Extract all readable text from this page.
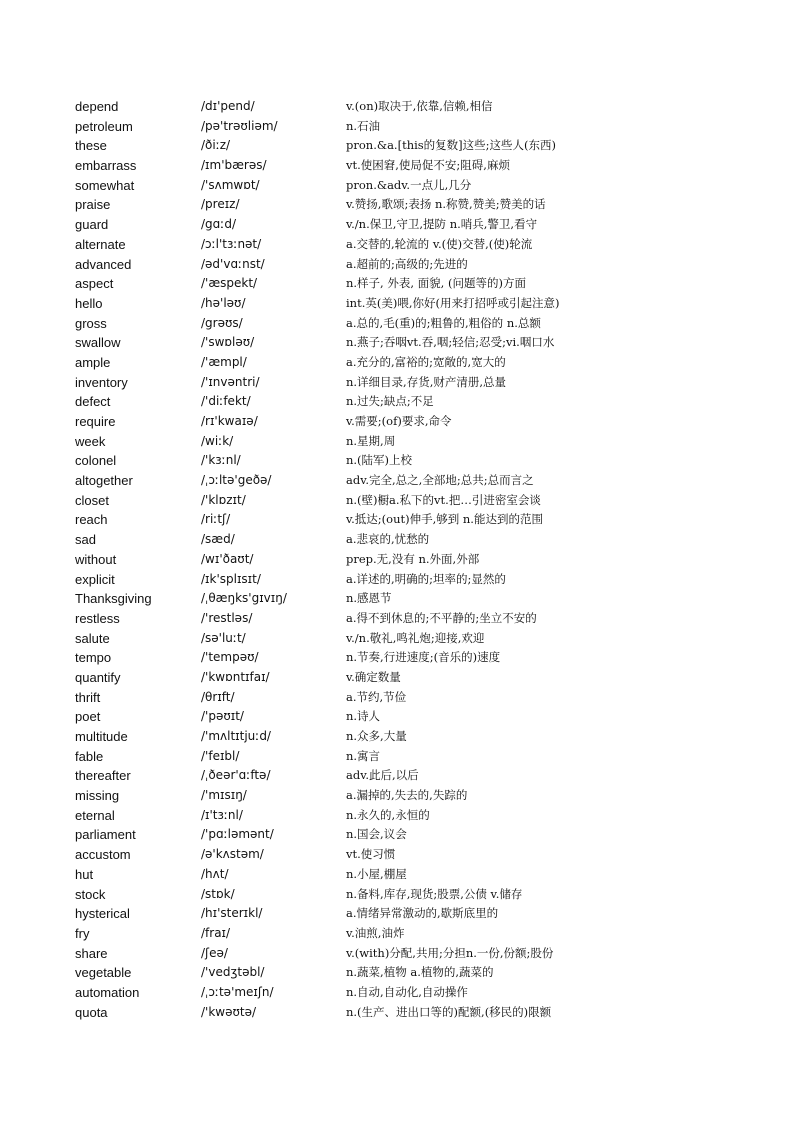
depend	/dɪ'pend/	v.(on)取决于,依靠,信赖,相信
petroleum	/pə'trəʊliəm/	n.石油
these	/ðiːz/	pron.&a.[this的复数]这些;这些人(东西)
embarrass	/ɪm'bærəs/	vt.使困窘,使局促不安;阻碍,麻烦
somewhat	/'sʌmwɒt/	pron.&adv.一点儿,几分
praise	/preɪz/	v.赞扬,歌颂;表扬 n.称赞,赞美;赞美的话
guard	/gɑːd/	v./n.保卫,守卫,提防 n.哨兵,警卫,看守
alternate	/ɔːl'tɜːnət/	a.交替的,轮流的 v.(使)交替,(使)轮流
advanced	/əd'vɑːnst/	a.超前的;高级的;先进的
aspect	/'æspekt/	n.样子, 外表, 面貌, (问题等的)方面
hello	/hə'ləʊ/	int.英(美)喂,你好(用来打招呼或引起注意)
gross	/grəʊs/	a.总的,毛(重)的;粗鲁的,粗俗的 n.总额
swallow	/'swɒləʊ/	n.燕子;吞咽vt.吞,咽;轻信;忍受;vi.咽口水
ample	/'æmpl/	a.充分的,富裕的;宽敞的,宽大的
inventory	/'ɪnvəntri/	n.详细目录,存货,财产清册,总量
defect	/'diːfekt/	n.过失;缺点;不足
require	/rɪ'kwaɪə/	v.需要;(of)要求,命令
week	/wiːk/	n.星期,周
colonel	/'kɜːnl/	n.(陆军)上校
altogether	/ˌɔːltə'geðə/	adv.完全,总之,全部地;总共;总而言之
closet	/'klɒzɪt/	n.(壁)橱a.私下的vt.把…引进密室会谈
reach	/riːtʃ/	v.抵达;(out)伸手,够到 n.能达到的范围
sad	/sæd/	a.悲哀的,忧愁的
without	/wɪ'ðaʊt/	prep.无,没有 n.外面,外部
explicit	/ɪk'splɪsɪt/	a.详述的,明确的;坦率的;显然的
Thanksgiving	/ˌθæŋks'gɪvɪŋ/	n.感恩节
restless	/'restləs/	a.得不到休息的;不平静的;坐立不安的
salute	/sə'luːt/	v./n.敬礼,鸣礼炮;迎接,欢迎
tempo	/'tempəʊ/	n.节奏,行进速度;(音乐的)速度
quantify	/'kwɒntɪfaɪ/	v.确定数量
thrift	/θrɪft/	a.节约,节俭
poet	/'pəʊɪt/	n.诗人
multitude	/'mʌltɪtjuːd/	n.众多,大量
fable	/'feɪbl/	n.寓言
thereafter	/ˌðeər'ɑːftə/	adv.此后,以后
missing	/'mɪsɪŋ/	a.漏掉的,失去的,失踪的
eternal	/ɪ'tɜːnl/	n.永久的,永恒的
parliament	/'pɑːləmənt/	n.国会,议会
accustom	/ə'kʌstəm/	vt.使习惯
hut	/hʌt/	n.小屋,棚屋
stock	/stɒk/	n.备料,库存,现货;股票,公债 v.储存
hysterical	/hɪ'sterɪkl/	a.情绪异常激动的,歇斯底里的
fry	/fraɪ/	v.油煎,油炸
share	/ʃeə/	v.(with)分配,共用;分担n.一份,份额;股份
vegetable	/'vedʒtəbl/	n.蔬菜,植物 a.植物的,蔬菜的
automation	/ˌɔːtə'meɪʃn/	n.自动,自动化,自动操作
quota	/'kwəʊtə/	n.(生产、进出口等的)配额,(移民的)限额
